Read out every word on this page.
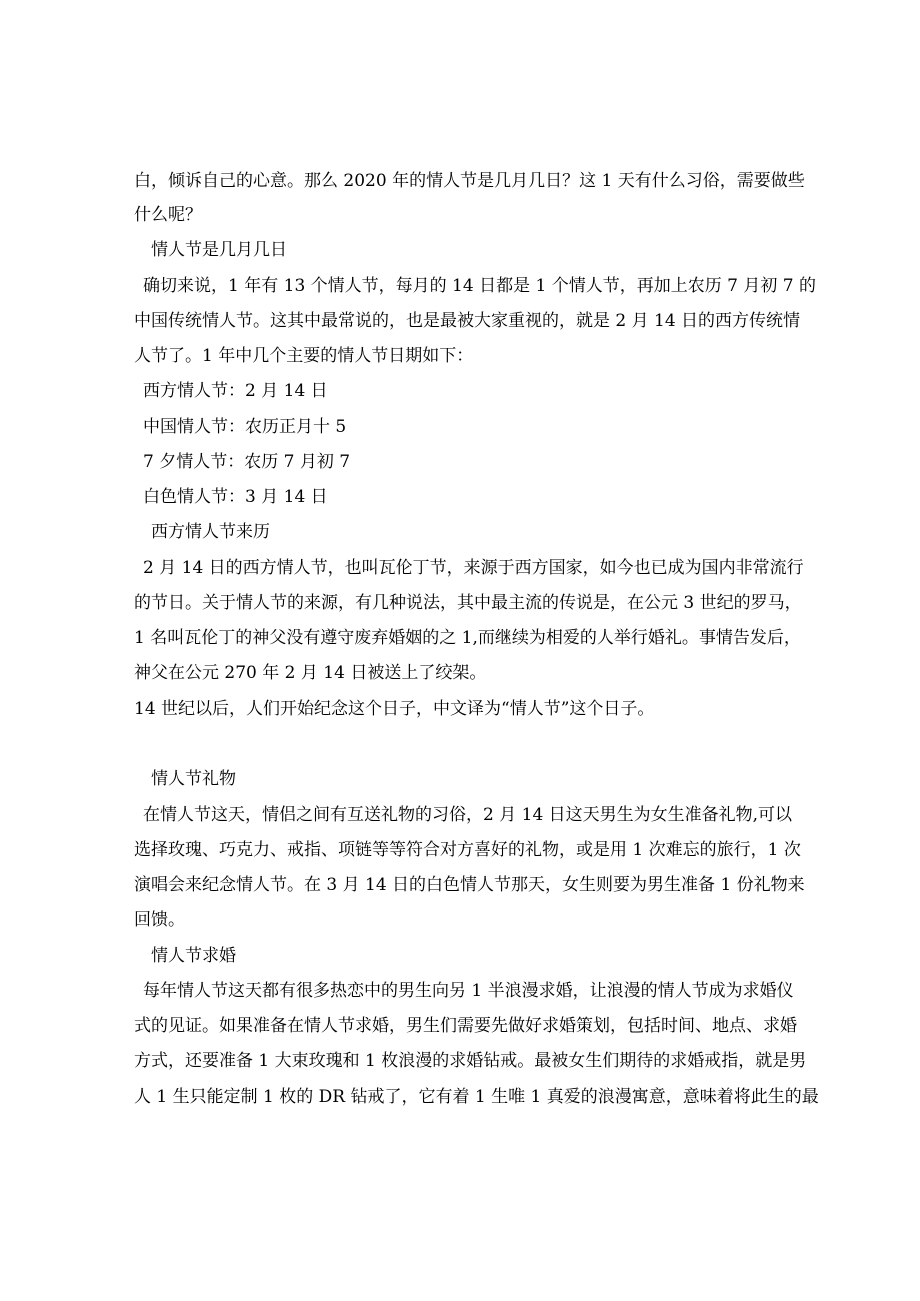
白，倾诉自己的心意。那么 2020 年的情人节是几月几日？这 1 天有什么习俗，需要做些

什么呢？

情人节是几月几日

确切来说，1 年有 13 个情人节，每月的 14 日都是 1 个情人节，再加上农历 7 月初 7 的

中国传统情人节。这其中最常说的，也是最被大家重视的，就是 2 月 14 日的西方传统情

人节了。1 年中几个主要的情人节日期如下：

西方情人节：2 月 14 日

中国情人节：农历正月十 5

7 夕情人节：农历 7 月初 7

白色情人节：3 月 14 日

西方情人节来历

2 月 14 日的西方情人节，也叫瓦伦丁节，来源于西方国家，如今也已成为国内非常流行

的节日。关于情人节的来源，有几种说法，其中最主流的传说是，在公元 3 世纪的罗马，

1 名叫瓦伦丁的神父没有遵守废弃婚姻的之 1,而继续为相爱的人举行婚礼。事情告发后，

神父在公元 270 年 2 月 14 日被送上了绞架。

14 世纪以后，人们开始纪念这个日子，中文译为“情人节”这个日子。

情人节礼物

在情人节这天，情侣之间有互送礼物的习俗，2 月 14 日这天男生为女生准备礼物,可以

选择玫瑰、巧克力、戒指、项链等等符合对方喜好的礼物，或是用 1 次难忘的旅行，1 次

演唱会来纪念情人节。在 3 月 14 日的白色情人节那天，女生则要为男生准备 1 份礼物来

回馈。

情人节求婚

每年情人节这天都有很多热恋中的男生向另 1 半浪漫求婚，让浪漫的情人节成为求婚仪

式的见证。如果准备在情人节求婚，男生们需要先做好求婚策划，包括时间、地点、求婚

方式，还要准备 1 大束玫瑰和 1 枚浪漫的求婚钻戒。最被女生们期待的求婚戒指，就是男

人 1 生只能定制 1 枚的 DR 钻戒了，它有着 1 生唯 1 真爱的浪漫寓意，意味着将此生的最
